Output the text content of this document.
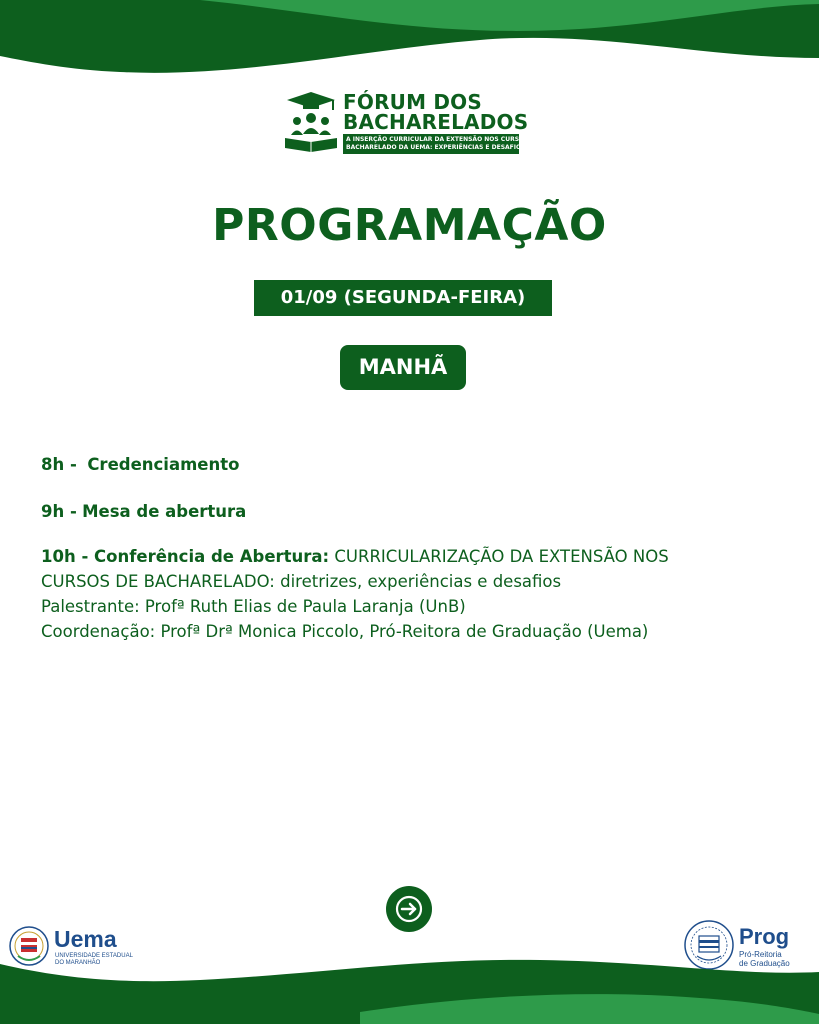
FÓRUM DOS
BACHARELADOS
A INSERÇÃO CURRICULAR DA EXTENSÃO NOS CURSOS DE
BACHARELADO DA UEMA: EXPERIÊNCIAS E DESAFIOS
PROGRAMAÇÃO
01/09 (SEGUNDA-FEIRA)
MANHÃ
8h - Credenciamento
9h - Mesa de abertura
10h - Conferência de Abertura: CURRICULARIZAÇÃO DA EXTENSÃO NOS
CURSOS DE BACHARELADO: diretrizes, experiências e desafios
Palestrante: Profª Ruth Elias de Paula Laranja (UnB)
Coordenação: Profª Drª Monica Piccolo, Pró-Reitora de Graduação (Uema)
Uema
UNIVERSIDADE ESTADUAL
DO MARANHÃO
Prog
Pró-Reitoria
de Graduação
